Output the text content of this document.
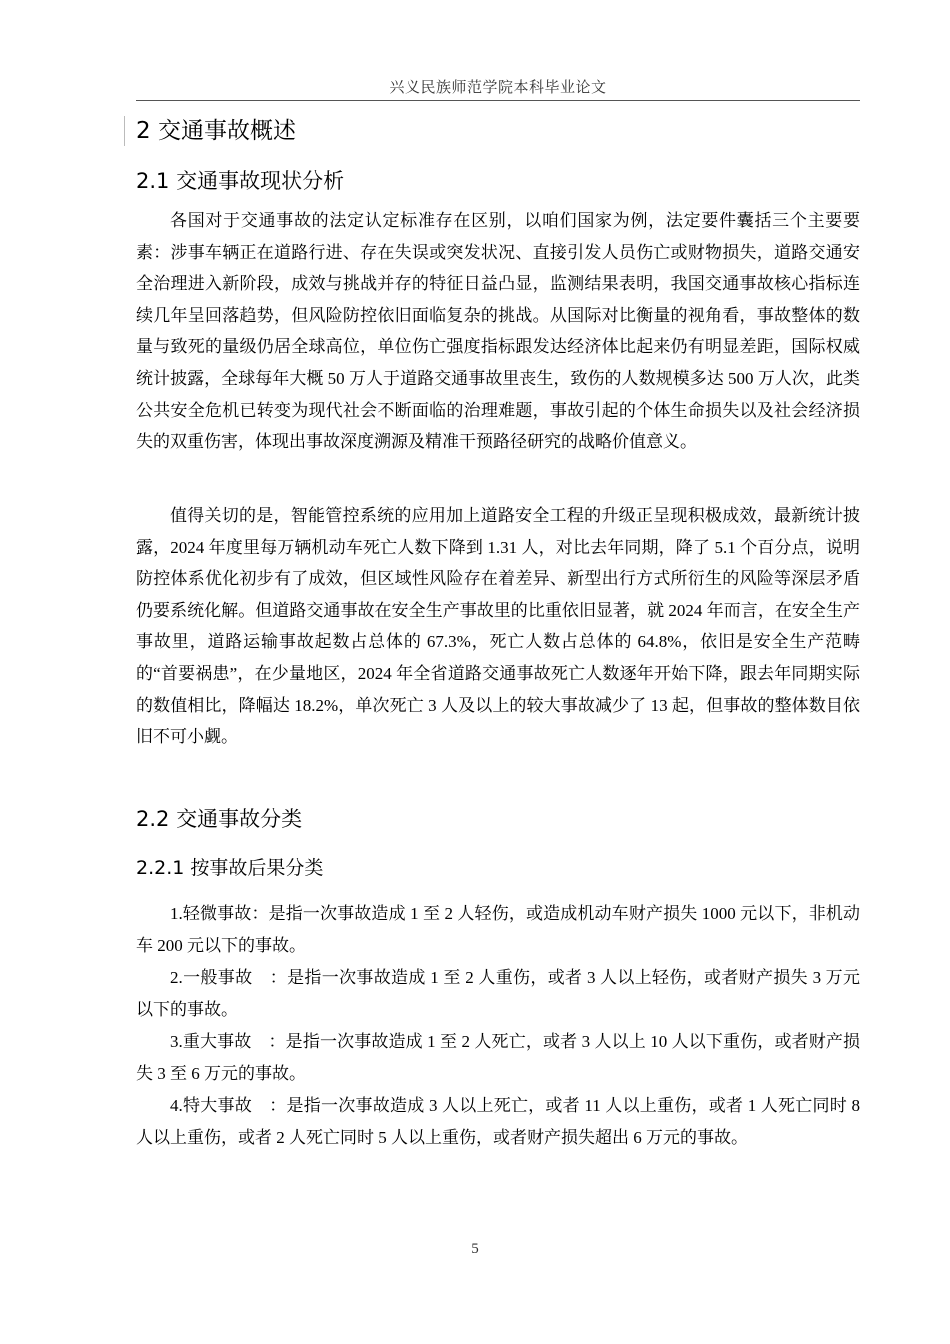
兴义民族师范学院本科毕业论文
2 交通事故概述
2.1 交通事故现状分析

各国对于交通事故的法定认定标准存在区别，以咱们国家为例，法定要件囊括三个主要要素：涉事车辆正在道路行进、存在失误或突发状况、直接引发人员伤亡或财物损失，道路交通安全治理进入新阶段，成效与挑战并存的特征日益凸显，监测结果表明，我国交通事故核心指标连续几年呈回落趋势，但风险防控依旧面临复杂的挑战。从国际对比衡量的视角看，事故整体的数量与致死的量级仍居全球高位，单位伤亡强度指标跟发达经济体比起来仍有明显差距，国际权威统计披露，全球每年大概 50 万人于道路交通事故里丧生，致伤的人数规模多达 500 万人次，此类公共安全危机已转变为现代社会不断面临的治理难题，事故引起的个体生命损失以及社会经济损失的双重伤害，体现出事故深度溯源及精准干预路径研究的战略价值意义。

值得关切的是，智能管控系统的应用加上道路安全工程的升级正呈现积极成效，最新统计披露，2024 年度里每万辆机动车死亡人数下降到 1.31 人，对比去年同期，降了 5.1 个百分点，说明防控体系优化初步有了成效，但区域性风险存在着差异、新型出行方式所衍生的风险等深层矛盾仍要系统化解。但道路交通事故在安全生产事故里的比重依旧显著，就 2024 年而言，在安全生产事故里，道路运输事故起数占总体的 67.3%，死亡人数占总体的 64.8%，依旧是安全生产范畴的“首要祸患”，在少量地区，2024 年全省道路交通事故死亡人数逐年开始下降，跟去年同期实际的数值相比，降幅达 18.2%，单次死亡 3 人及以上的较大事故减少了 13 起，但事故的整体数目依旧不可小觑。

2.2 交通事故分类
2.2.1 按事故后果分类

1.轻微事故：是指一次事故造成 1 至 2 人轻伤，或造成机动车财产损失 1000 元以下，非机动车 200 元以下的事故。

2.一般事故　：是指一次事故造成 1 至 2 人重伤，或者 3 人以上轻伤，或者财产损失 3 万元以下的事故。

3.重大事故　：是指一次事故造成 1 至 2 人死亡，或者 3 人以上 10 人以下重伤，或者财产损失 3 至 6 万元的事故。

4.特大事故　：是指一次事故造成 3 人以上死亡，或者 11 人以上重伤，或者 1 人死亡同时 8 人以上重伤，或者 2 人死亡同时 5 人以上重伤，或者财产损失超出 6 万元的事故。

5
